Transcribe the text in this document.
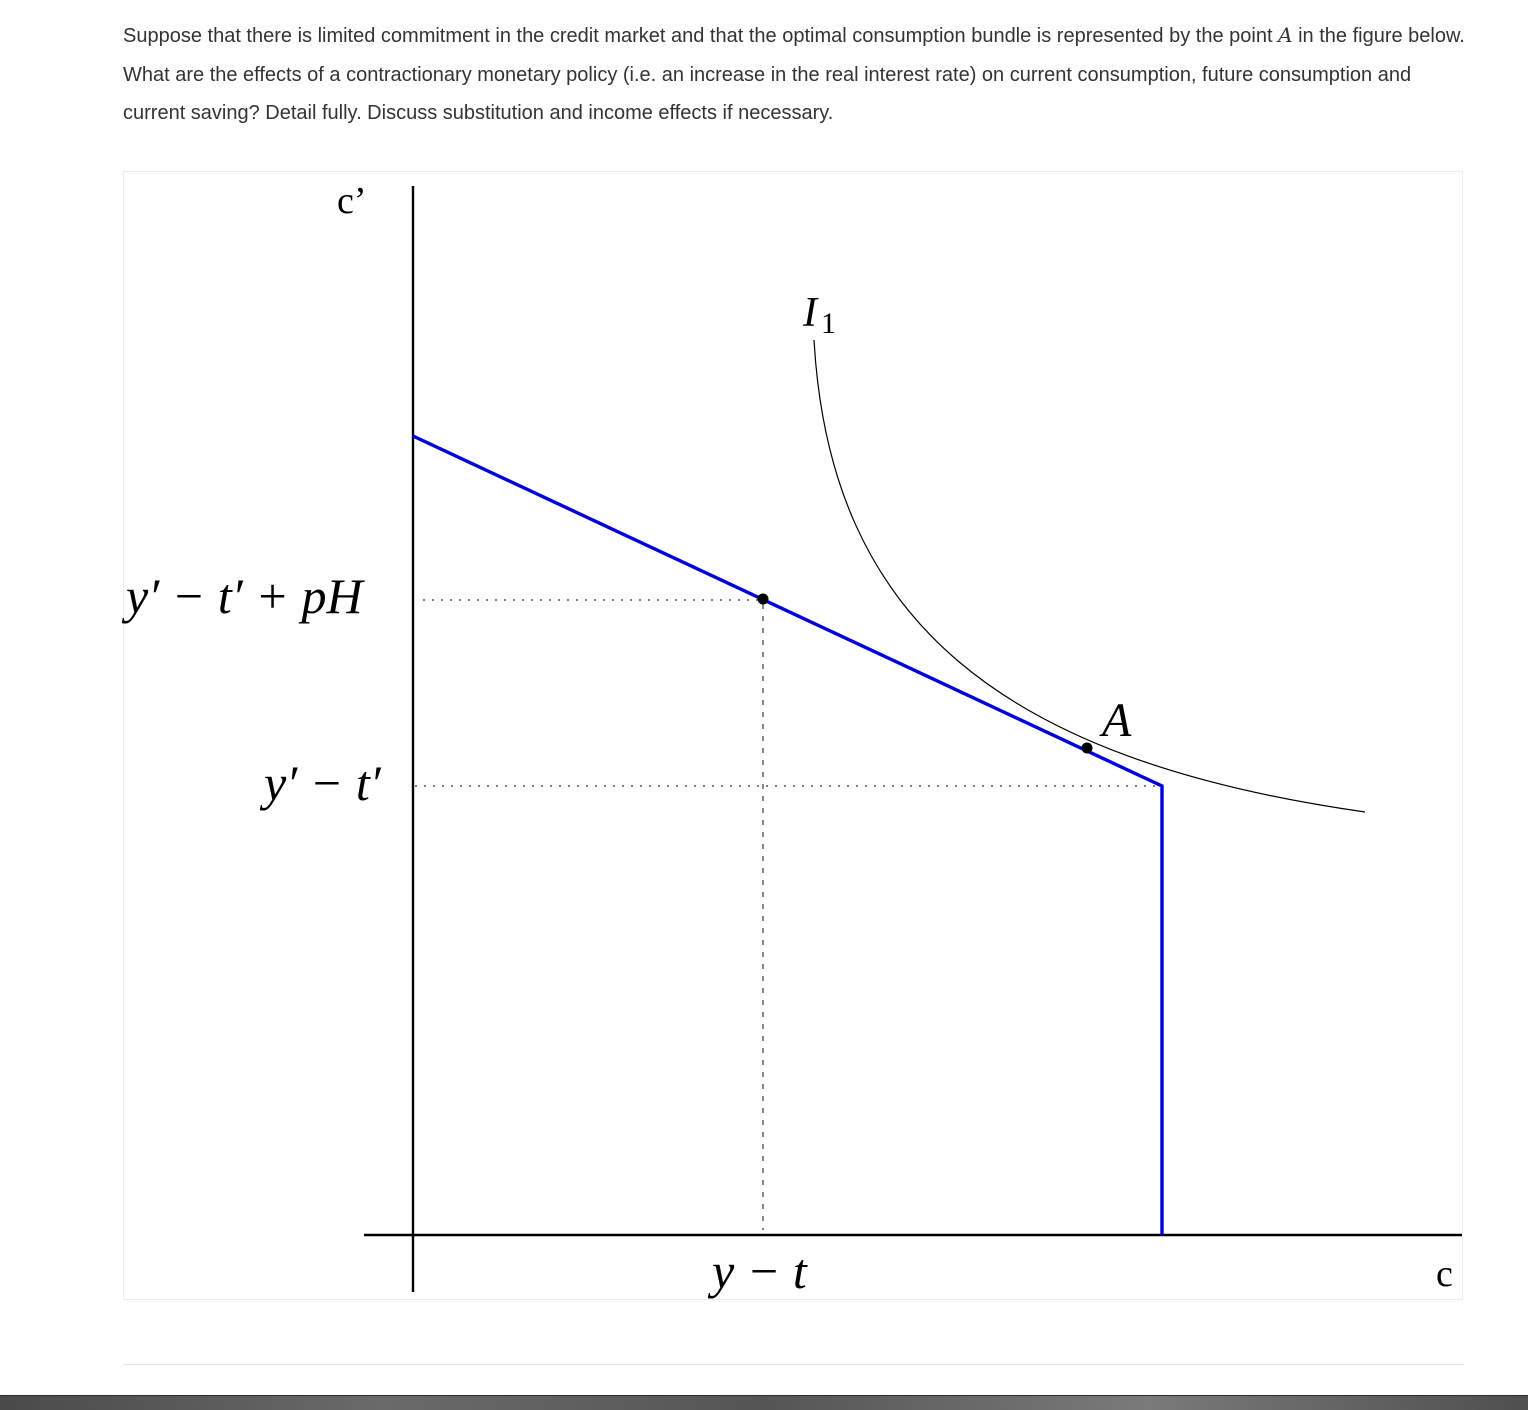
Suppose that there is limited commitment in the credit market and that the optimal consumption bundle is represented by the point A in the figure below. What are the effects of a contractionary monetary policy (i.e. an increase in the real interest rate) on current consumption, future consumption and current saving? Detail fully. Discuss substitution and income effects if necessary.
c’
c
y′ − t′ + pH
y′ − t′
y − t
I 1
A
